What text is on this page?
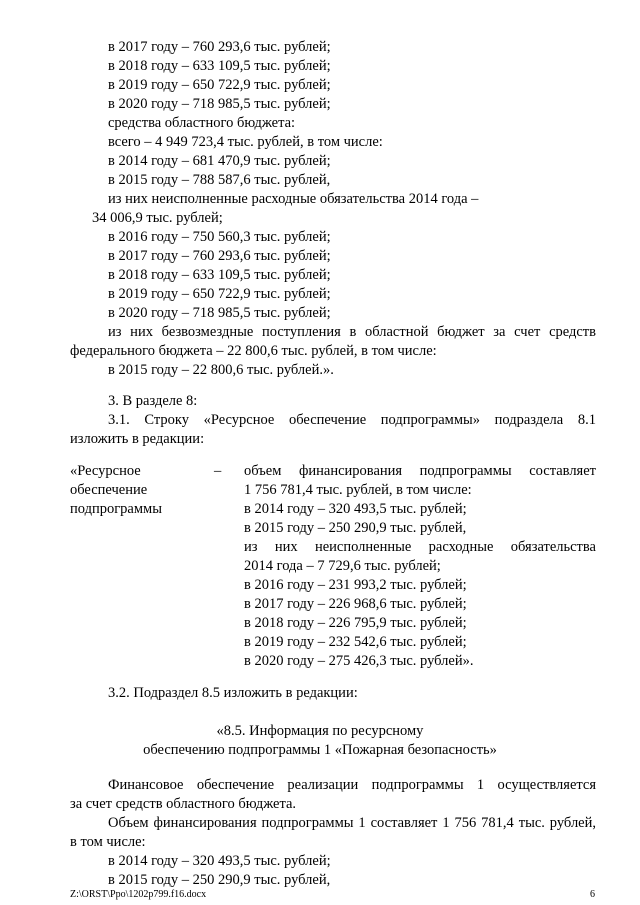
в 2017 году – 760 293,6 тыс. рублей;
в 2018 году – 633 109,5 тыс. рублей;
в 2019 году – 650 722,9 тыс. рублей;
в 2020 году – 718 985,5 тыс. рублей;
средства областного бюджета:
всего – 4 949 723,4 тыс. рублей, в том числе:
в 2014 году – 681 470,9 тыс. рублей;
в 2015 году – 788 587,6 тыс. рублей,
из них неисполненные расходные обязательства 2014 года –
34 006,9 тыс. рублей;
в 2016 году – 750 560,3 тыс. рублей;
в 2017 году – 760 293,6 тыс. рублей;
в 2018 году – 633 109,5 тыс. рублей;
в 2019 году – 650 722,9 тыс. рублей;
в 2020 году – 718 985,5 тыс. рублей;
из них безвозмездные поступления в областной бюджет за счет средств
федерального бюджета – 22 800,6 тыс. рублей, в том числе:
в 2015 году – 22 800,6 тыс. рублей.».
3. В разделе 8:
3.1. Строку «Ресурсное обеспечение подпрограммы» подраздела 8.1
изложить в редакции:
«Ресурсное
обеспечение
подпрограммы
– объем финансирования подпрограммы составляет
1 756 781,4 тыс. рублей, в том числе:
в 2014 году – 320 493,5 тыс. рублей;
в 2015 году – 250 290,9 тыс. рублей,
из них неисполненные расходные обязательства
2014 года – 7 729,6 тыс. рублей;
в 2016 году – 231 993,2 тыс. рублей;
в 2017 году – 226 968,6 тыс. рублей;
в 2018 году – 226 795,9 тыс. рублей;
в 2019 году – 232 542,6 тыс. рублей;
в 2020 году – 275 426,3 тыс. рублей».
3.2. Подраздел 8.5 изложить в редакции:
«8.5. Информация по ресурсному
обеспечению подпрограммы 1 «Пожарная безопасность»
Финансовое обеспечение реализации подпрограммы 1 осуществляется
за счет средств областного бюджета.
Объем финансирования подпрограммы 1 составляет 1 756 781,4 тыс. рублей,
в том числе:
в 2014 году – 320 493,5 тыс. рублей;
в 2015 году – 250 290,9 тыс. рублей,
Z:\ORST\Ppo\1202p799.f16.docx	6
